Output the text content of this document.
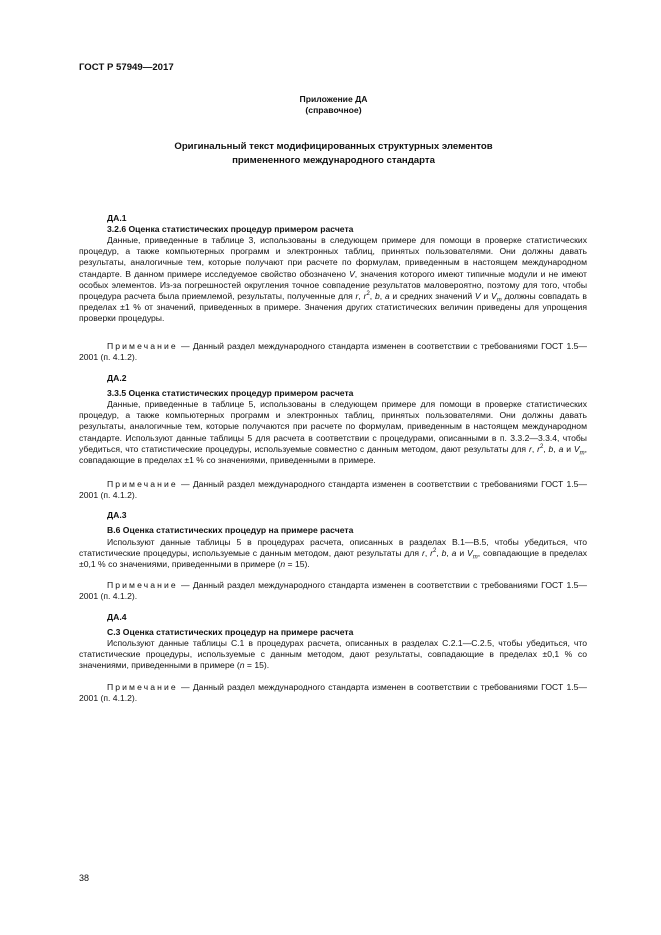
ГОСТ Р 57949—2017
Приложение ДА
(справочное)
Оригинальный текст модифицированных структурных элементов
примененного международного стандарта
ДА.1
3.2.6 Оценка статистических процедур примером расчета

Данные, приведенные в таблице 3, использованы в следующем примере для помощи в проверке статистических процедур, а также компьютерных программ и электронных таблиц, принятых пользователями. Они должны давать результаты, аналогичные тем, которые получают при расчете по формулам, приведенным в настоящем международном стандарте. В данном примере исследуемое свойство обозначено V, значения которого имеют типичные модули и не имеют особых элементов. Из-за погрешностей округления точное совпадение результатов маловероятно, поэтому для того, чтобы процедура расчета была приемлемой, результаты, полученные для r, $r^2$, b, a и средних значений V и $V_m$ должны совпадать в пределах ±1 % от значений, приведенных в примере. Значения других статистических величин приведены для упрощения проверки процедуры.

Примечание — Данный раздел международного стандарта изменен в соответствии с требованиями ГОСТ 1.5—2001 (п. 4.1.2).

ДА.2
3.3.5 Оценка статистических процедур примером расчета

Данные, приведенные в таблице 5, использованы в следующем примере для помощи в проверке статистических процедур, а также компьютерных программ и электронных таблиц, принятых пользователями. Они должны давать результаты, аналогичные тем, которые получаются при расчете по формулам, приведенным в настоящем международном стандарте. Используют данные таблицы 5 для расчета в соответствии с процедурами, описанными в п. 3.3.2—3.3.4, чтобы убедиться, что статистические процедуры, используемые совместно с данным методом, дают результаты для r, $r^2$, b, a и $V_m$, совпадающие в пределах ±1 % со значениями, приведенными в примере.

Примечание — Данный раздел международного стандарта изменен в соответствии с требованиями ГОСТ 1.5—2001 (п. 4.1.2).

ДА.3
В.6 Оценка статистических процедур на примере расчета

Используют данные таблицы 5 в процедурах расчета, описанных в разделах В.1—В.5, чтобы убедиться, что статистические процедуры, используемые с данным методом, дают результаты для r, $r^2$, b, a и $V_m$, совпадающие в пределах ±0,1 % со значениями, приведенными в примере (n = 15).

Примечание — Данный раздел международного стандарта изменен в соответствии с требованиями ГОСТ 1.5—2001 (п. 4.1.2).

ДА.4
С.3 Оценка статистических процедур на примере расчета

Используют данные таблицы С.1 в процедурах расчета, описанных в разделах С.2.1—С.2.5, чтобы убедиться, что статистические процедуры, используемые с данным методом, дают результаты, совпадающие в пределах ±0,1 % со значениями, приведенными в примере (n = 15).

Примечание — Данный раздел международного стандарта изменен в соответствии с требованиями ГОСТ 1.5—2001 (п. 4.1.2).

38
